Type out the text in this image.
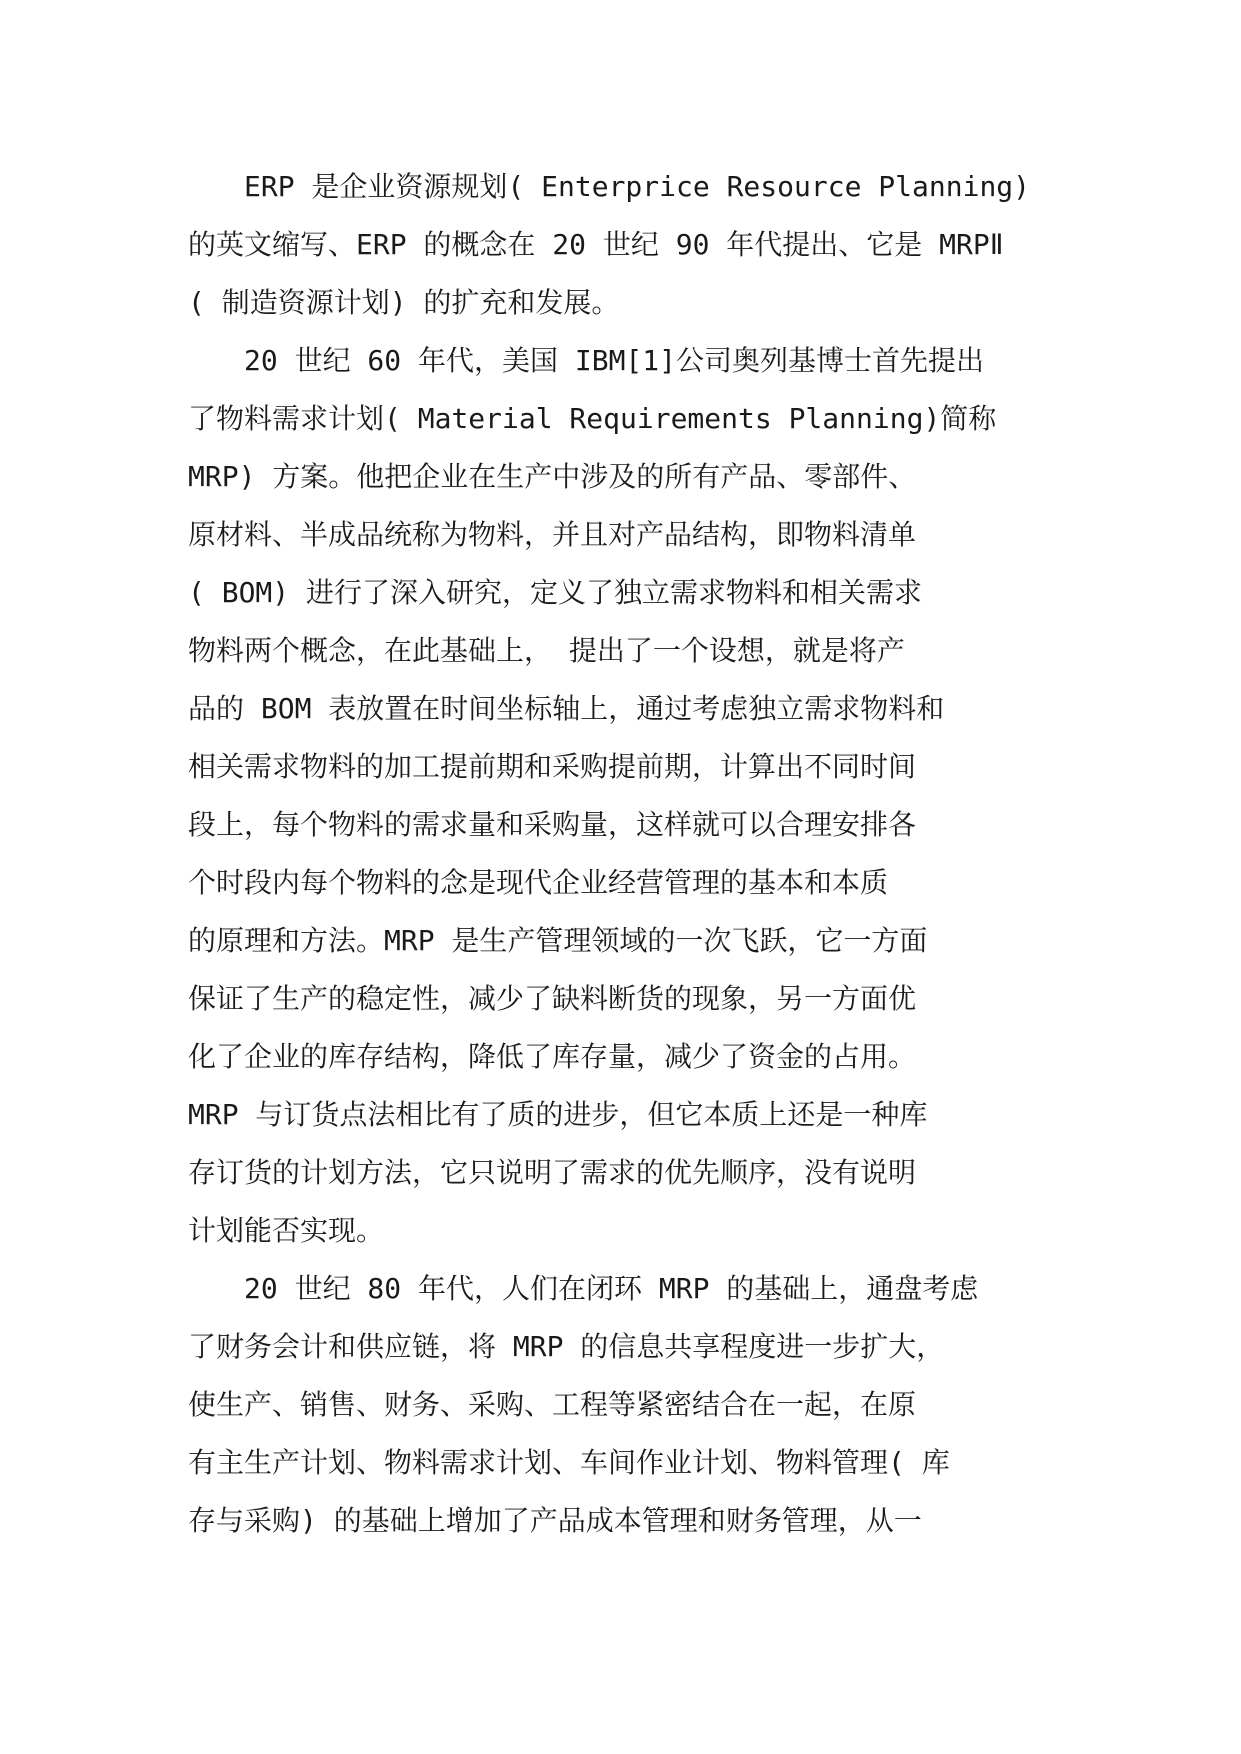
　　ERP 是企业资源规划( Enterprice Resource Planning)
的英文缩写、ERP 的概念在 20 世纪 90 年代提出、它是 MRPⅡ
( 制造资源计划) 的扩充和发展。
　　20 世纪 60 年代，美国 IBM[1]公司奥列基博士首先提出
了物料需求计划( Material Requirements Planning)简称
MRP) 方案。他把企业在生产中涉及的所有产品、零部件、
原材料、半成品统称为物料，并且对产品结构，即物料清单
( BOM) 进行了深入研究，定义了独立需求物料和相关需求
物料两个概念，在此基础上， 提出了一个设想，就是将产
品的 BOM 表放置在时间坐标轴上，通过考虑独立需求物料和
相关需求物料的加工提前期和采购提前期，计算出不同时间
段上，每个物料的需求量和采购量，这样就可以合理安排各
个时段内每个物料的念是现代企业经营管理的基本和本质
的原理和方法。MRP 是生产管理领域的一次飞跃，它一方面
保证了生产的稳定性，减少了缺料断货的现象，另一方面优
化了企业的库存结构，降低了库存量，减少了资金的占用。
MRP 与订货点法相比有了质的进步，但它本质上还是一种库
存订货的计划方法，它只说明了需求的优先顺序，没有说明
计划能否实现。
　　20 世纪 80 年代，人们在闭环 MRP 的基础上，通盘考虑
了财务会计和供应链，将 MRP 的信息共享程度进一步扩大，
使生产、销售、财务、采购、工程等紧密结合在一起，在原
有主生产计划、物料需求计划、车间作业计划、物料管理( 库
存与采购) 的基础上增加了产品成本管理和财务管理，从一
